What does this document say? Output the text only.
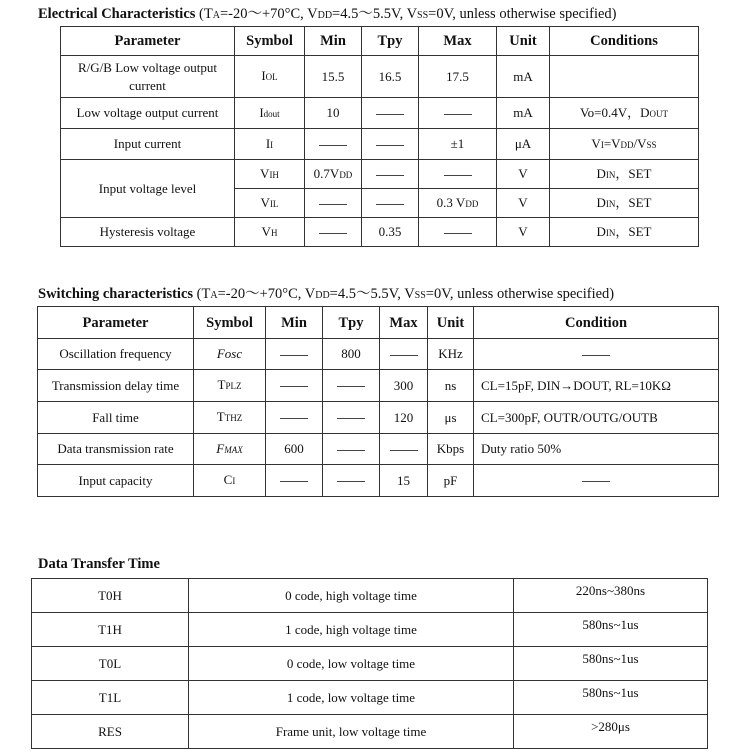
Electrical Characteristics (TA=-20～+70°C, VDD=4.5～5.5V, VSS=0V, unless otherwise specified)
Parameter	Symbol	Min	Tpy	Max	Unit	Conditions
R/G/B Low voltage output current	IOL	15.5	16.5	17.5	mA	
Low voltage output current	Idout	10			mA	Vo=0.4V，DOUT
Input current	II			±1	μA	VI=VDD/VSS
Input voltage level	VIH	0.7VDD			V	DIN，SET
	VIL			0.3 VDD	V	DIN，SET
Hysteresis voltage	VH		0.35		V	DIN，SET
Switching characteristics (TA=-20～+70°C, VDD=4.5～5.5V, VSS=0V, unless otherwise specified)
Parameter	Symbol	Min	Tpy	Max	Unit	Condition
Oscillation frequency	Fosc		800		KHz	
Transmission delay time	TPLZ			300	ns	CL=15pF, DIN→DOUT, RL=10KΩ
Fall time	TTHZ			120	μs	CL=300pF, OUTR/OUTG/OUTB
Data transmission rate	FMAX	600			Kbps	Duty ratio 50%
Input capacity	CI			15	pF	
Data Transfer Time
T0H	0 code, high voltage time	220ns~380ns
T1H	1 code, high voltage time	580ns~1us
T0L	0 code, low voltage time	580ns~1us
T1L	1 code, low voltage time	580ns~1us
RES	Frame unit, low voltage time	>280μs
